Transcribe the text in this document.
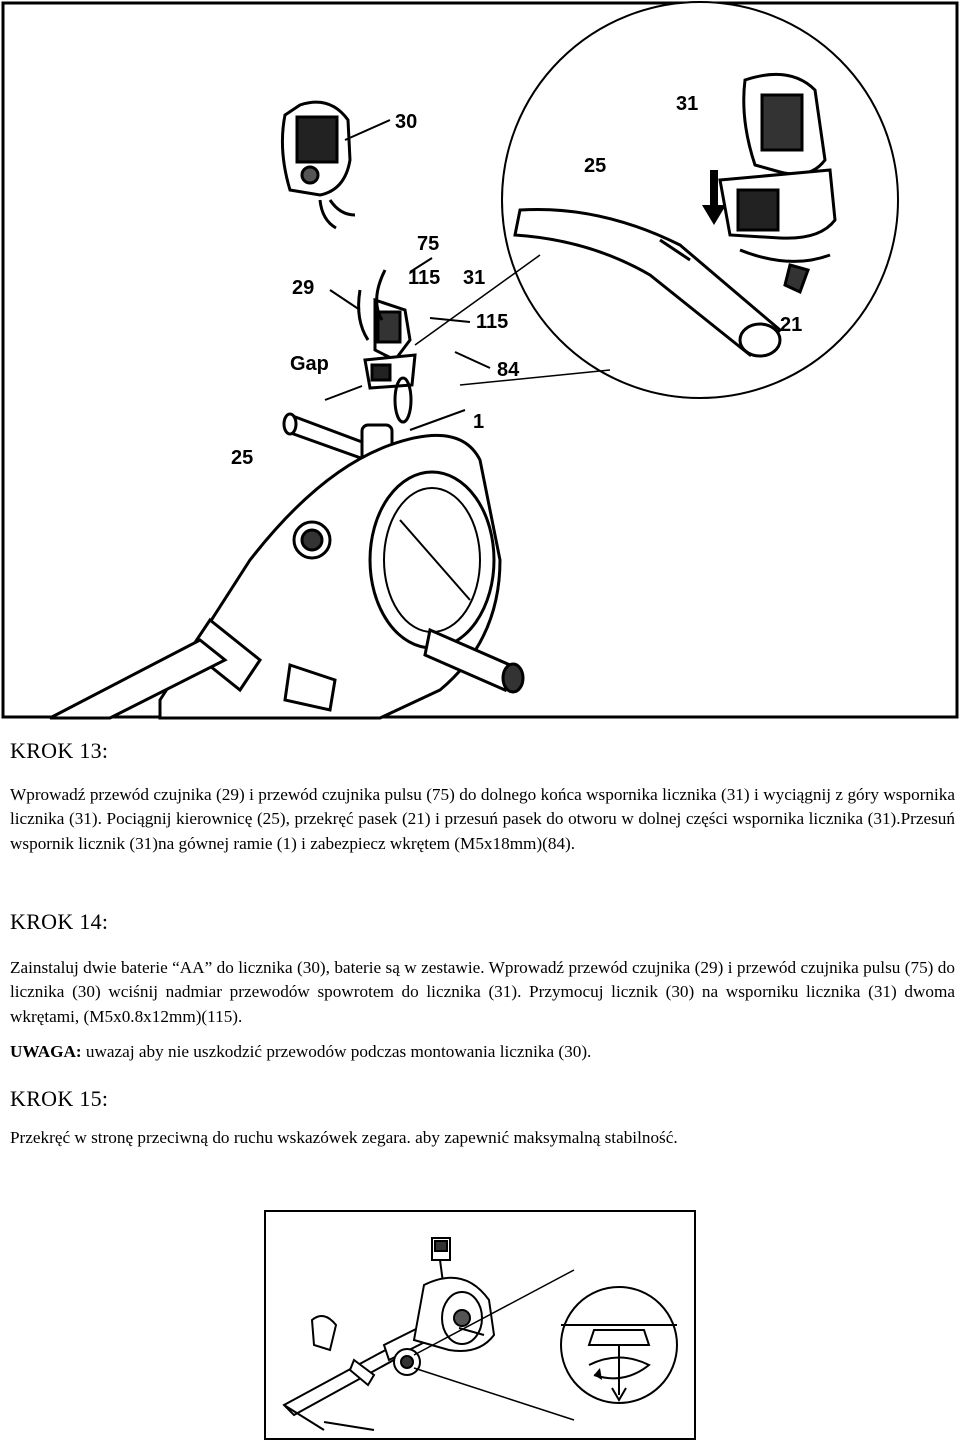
30
31
25
75
115 31
29
115
Gap	84
1
25
21
KROK 13:

Wprowadź przewód czujnika (29) i przewód czujnika pulsu (75) do dolnego końca wspornika licznika (31) i wyciągnij z góry wspornika licznika (31). Pociągnij kierownicę (25), przekręć pasek (21) i przesuń pasek do otworu w dolnej części wspornika licznika (31).Przesuń wspornik licznik (31)na gównej ramie (1) i zabezpiecz wkrętem (M5x18mm)(84).

KROK 14:

Zainstaluj dwie baterie “AA” do licznika (30), baterie są w zestawie. Wprowadź przewód czujnika (29) i przewód czujnika pulsu (75) do licznika (30) wciśnij nadmiar przewodów spowrotem do licznika (31). Przymocuj licznik (30) na wsporniku licznika (31) dwoma wkrętami, (M5x0.8x12mm)(115).

UWAGA: uwazaj aby nie uszkodzić przewodów podczas montowania licznika (30).

KROK 15:

Przekręć w stronę przeciwną do ruchu wskazówek zegara. aby zapewnić maksymalną stabilność.
